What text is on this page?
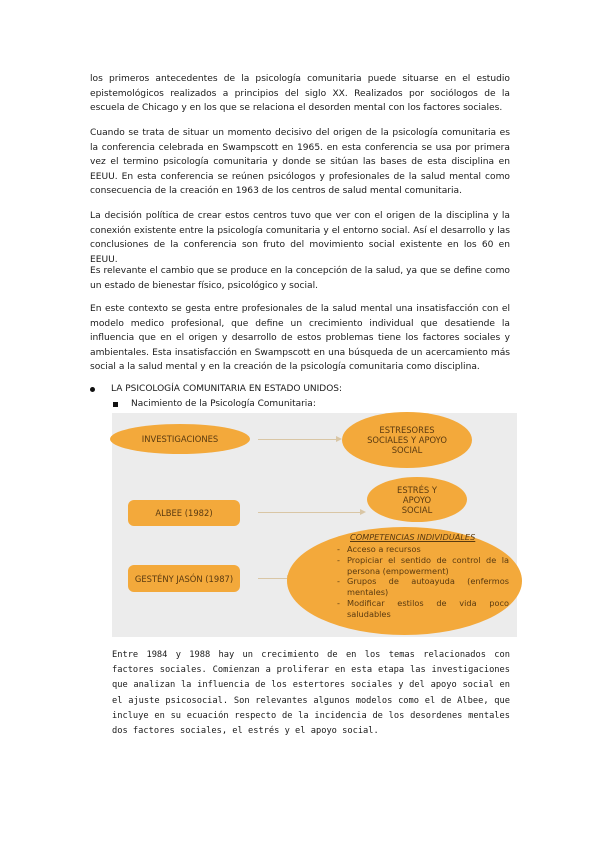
los primeros antecedentes de la psicología comunitaria puede situarse en el estudio epistemológicos realizados a principios del siglo XX. Realizados por sociólogos de la escuela de Chicago y en los que se relaciona el desorden mental con los factores sociales.

Cuando se trata de situar un momento decisivo del origen de la psicología comunitaria es la conferencia celebrada en Swampscott en 1965. en esta conferencia se usa por primera vez el termino psicología comunitaria y donde se sitúan las bases de esta disciplina en EEUU. En esta conferencia se reúnen psicólogos y profesionales de la salud mental como consecuencia de la creación en 1963 de los centros de salud mental comunitaria.

La decisión política de crear estos centros tuvo que ver con el origen de la disciplina y la conexión existente entre la psicología comunitaria y el entorno social. Así el desarrollo y las conclusiones de la conferencia son fruto del movimiento social existente en los 60 en EEUU.

Es relevante el cambio que se produce en la concepción de la salud, ya que se define como un estado de bienestar físico, psicológico y social.

En este contexto se gesta entre profesionales de la salud mental una insatisfacción con el modelo medico profesional, que define un crecimiento individual que desatiende la influencia que en el origen y desarrollo de estos problemas tiene los factores sociales y ambientales. Esta insatisfacción en Swampscott en una búsqueda de un acercamiento más social a la salud mental y en la creación de la psicología comunitaria como disciplina.

LA PSICOLOGÍA COMUNITARIA EN ESTADO UNIDOS:
Nacimiento de la Psicología Comunitaria:
INVESTIGACIONES
ESTRESORES SOCIALES Y APOYO SOCIAL
ALBEE (1982)
ESTRÉS Y APOYO SOCIAL
GESTÉNY JASÓN (1987)
COMPETENCIAS INDIVIDUALES
- Acceso a recursos
- Propiciar el sentido de control de la persona (empowerment)
- Grupos de autoayuda (enfermos mentales)
- Modificar estilos de vida poco saludables

Entre 1984 y 1988 hay un crecimiento de en los temas relacionados con factores sociales. Comienzan a proliferar en esta etapa las investigaciones que analizan la influencia de los estertores sociales y del apoyo social en el ajuste psicosocial. Son relevantes algunos modelos como el de Albee, que incluye en su ecuación respecto de la incidencia de los desordenes mentales dos factores sociales, el estrés y el apoyo social.
